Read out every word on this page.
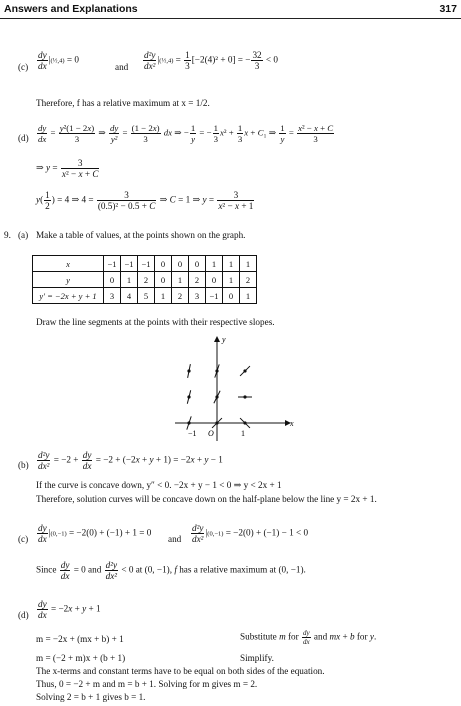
Answers and Explanations	317
$(c) \frac{dy}{dx}$ |(½,4) = 0
and $\frac{\text{d²y}}{\text{dx²}}$ |(½,4) = $\frac{1}{3} [-2(4)^2 + 0]$ = − $\frac{32}{3} < 0$
Therefore, f has a relative maximum at x = 1/2.
$(d) \frac{dy}{dx} = \frac{\text{y²(1 − 2x)}}{3}$ ⇒ $\frac{dy}{\text{y²}} = \frac{(1 - 2x)}{3}$ dx ⇒ − $\frac{1}{y}$ = − $\frac{1}{3} x^2 + \frac{1}{3}$ x + C₁ ⇒ $\frac{1}{y} = \frac{\text{x² − x + C}}{3}$
⇒ $y = \frac{3}{\text{x² − x + C}}$
$y( \frac{1}{2}$ ) = 4 ⇒ $4 = \frac{3}{\text{(0.5)² − 0.5 + C}}$ ⇒ C = 1 ⇒ $y = \frac{3}{\text{x² − x + 1}}$
9. (a) Make a table of values, at the points shown on the graph.
x	−1	−1	−1	0	0	0	1	1	1
y	0	1	2	0	1	2	0	1	2
y′ = −2x + y + 1	3	4	5	1	2	3	−1	0	1
Draw the line segments at the points with their respective slopes.
x
y
−1 O	1
$(b) \frac{\text{d²y}}{\text{dx²}} = -2 + \frac{dy}{dx} = -2 + (-2x + y + 1) = -2x + y - 1$
If the curve is concave down, y″ < 0. −2x + y − 1 < 0 ⇒ y < 2x + 1
Therefore, solution curves will be concave down on the half-plane below the line y = 2x + 1.
$(c) \frac{dy}{dx} |(0,-1) = -2(0) + (-1) + 1 = 0$
and $\frac{\text{d²y}}{\text{dx²}} |(0,-1) = -2(0) + (-1) - 1 < 0$
Since $\frac{dy}{dx} = 0$ and $\frac{\text{d²y}}{\text{dx²}} < 0$ at (0, −1), f has a relative maximum at (0, −1).
$(d) \frac{dy}{dx} = -2x + y + 1$
m = −2x + (mx + b) + 1	Substitute m for $\frac{dy}{dx}$ and mx + b for y.
m = (−2 + m)x + (b + 1)	Simplify.
The x-terms and constant terms have to be equal on both sides of the equation.
Thus, 0 = −2 + m and m = b + 1. Solving for m gives m = 2.
Solving 2 = b + 1 gives b = 1.
